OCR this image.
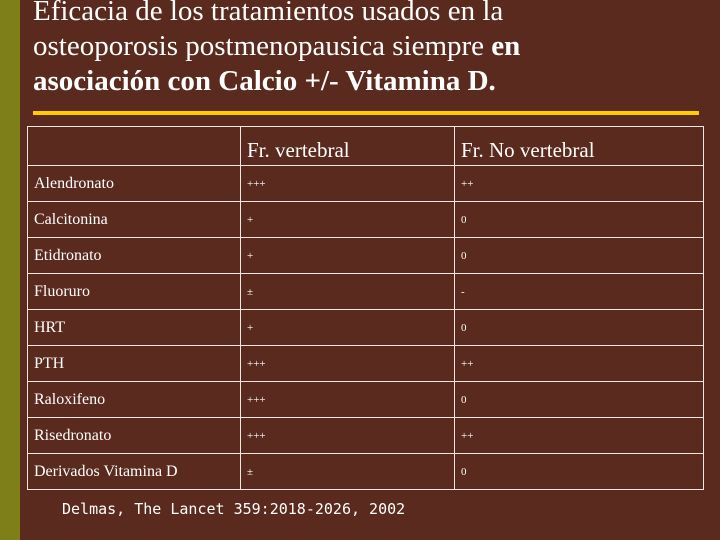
Eficacia de los tratamientos usados en la
osteoporosis postmenopausica siempre en
asociación con Calcio +/- Vitamina D.
	Fr. vertebral	Fr. No vertebral
Alendronato	+++	++
Calcitonina	+	0
Etidronato	+	0
Fluoruro	±	-
HRT	+	0
PTH	+++	++
Raloxifeno	+++	0
Risedronato	+++	++
Derivados Vitamina D	±	0
Delmas, The Lancet 359:2018-2026, 2002
